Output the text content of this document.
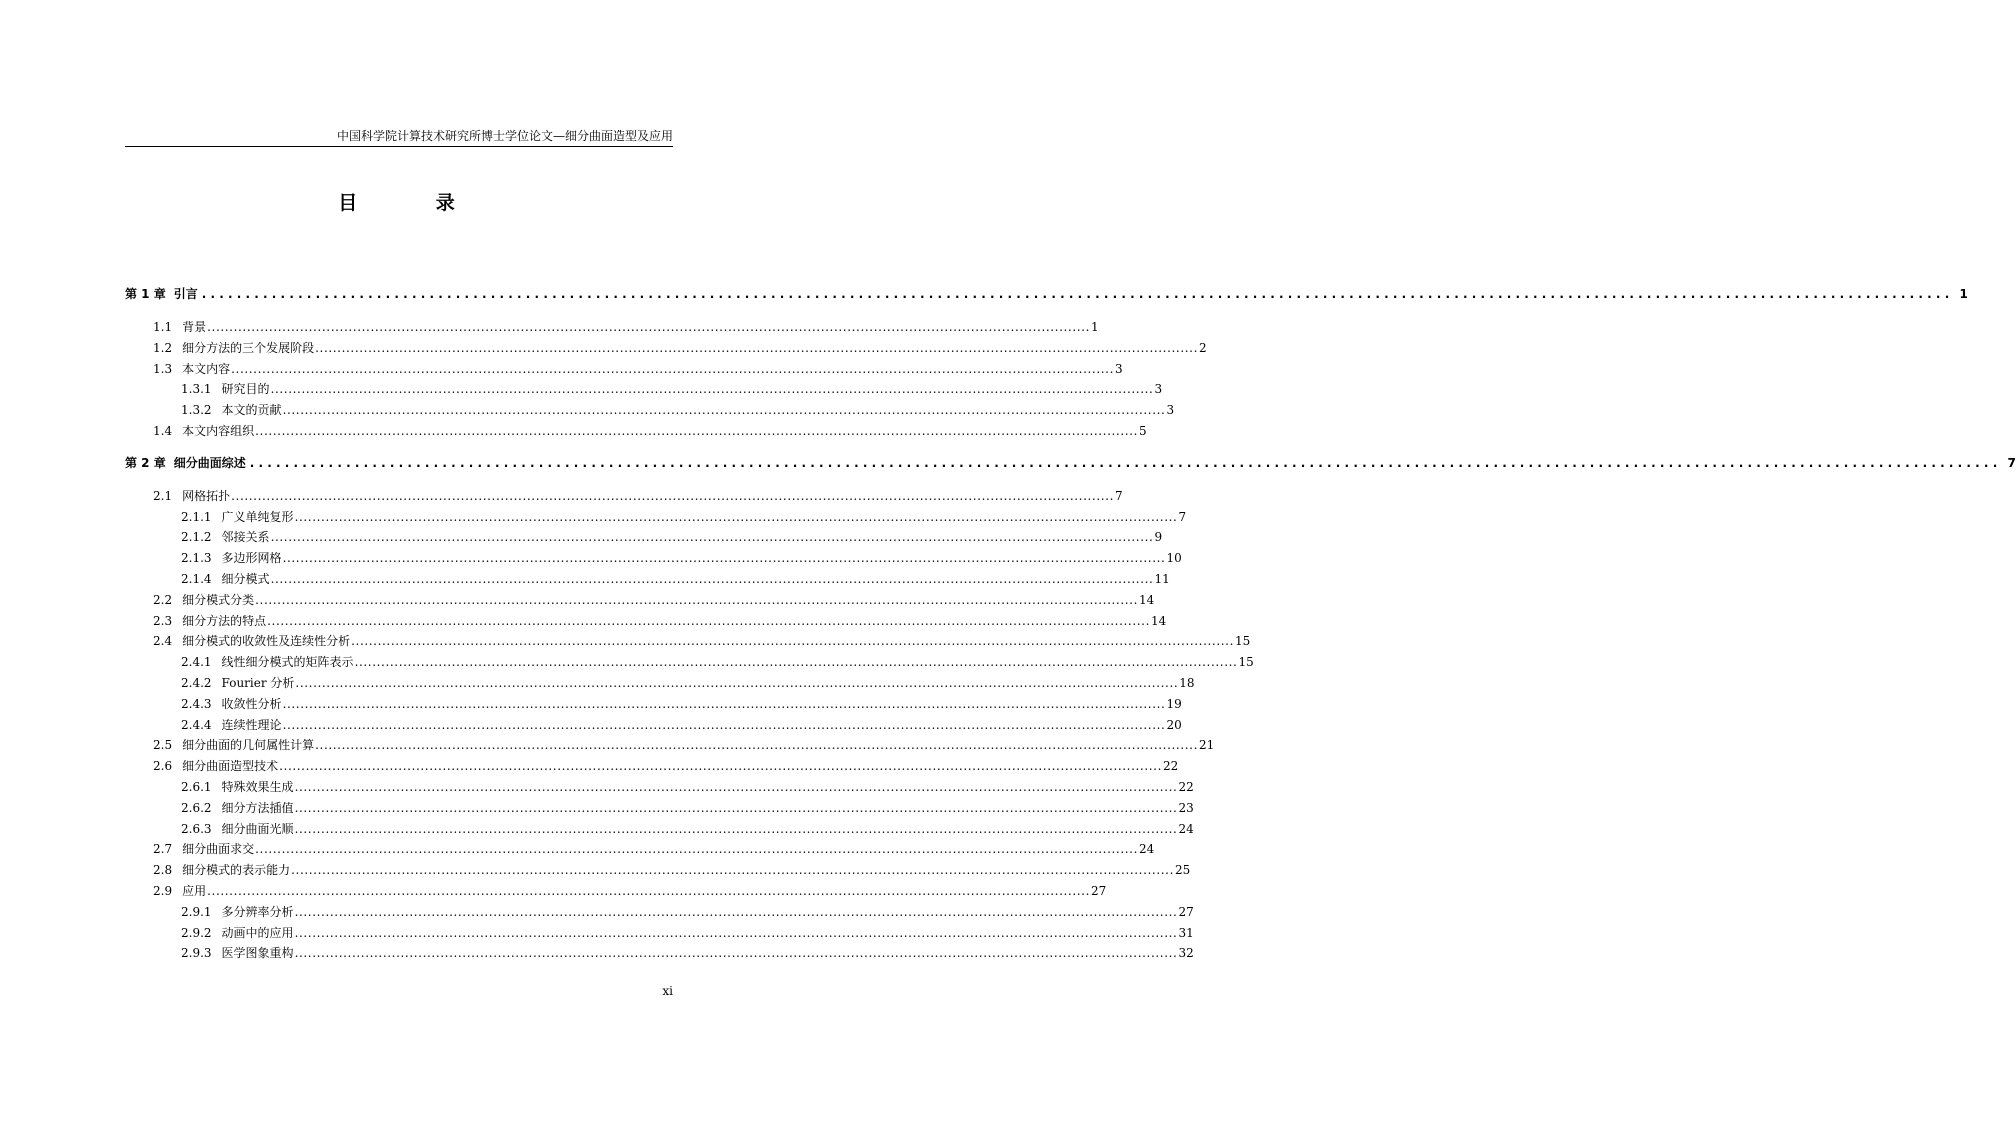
中国科学院计算技术研究所博士学位论文—细分曲面造型及应用
目 录
第 1 章 引言 ........................................................................................................................................................................................................ 1
1.1 背景 ........................................................................................................................................................................................................ 1
1.2 细分方法的三个发展阶段 ........................................................................................................................................................................................................ 2
1.3 本文内容 ........................................................................................................................................................................................................ 3
1.3.1 研究目的 ........................................................................................................................................................................................................ 3
1.3.2 本文的贡献 ........................................................................................................................................................................................................ 3
1.4 本文内容组织 ........................................................................................................................................................................................................ 5
第 2 章 细分曲面综述 ........................................................................................................................................................................................................ 7
2.1 网格拓扑 ........................................................................................................................................................................................................ 7
2.1.1 广义单纯复形 ........................................................................................................................................................................................................ 7
2.1.2 邻接关系 ........................................................................................................................................................................................................ 9
2.1.3 多边形网格 ........................................................................................................................................................................................................ 10
2.1.4 细分模式 ........................................................................................................................................................................................................ 11
2.2 细分模式分类 ........................................................................................................................................................................................................ 14
2.3 细分方法的特点 ........................................................................................................................................................................................................ 14
2.4 细分模式的收敛性及连续性分析 ........................................................................................................................................................................................................ 15
2.4.1 线性细分模式的矩阵表示 ........................................................................................................................................................................................................ 15
2.4.2 Fourier 分析 ........................................................................................................................................................................................................ 18
2.4.3 收敛性分析 ........................................................................................................................................................................................................ 19
2.4.4 连续性理论 ........................................................................................................................................................................................................ 20
2.5 细分曲面的几何属性计算 ........................................................................................................................................................................................................ 21
2.6 细分曲面造型技术 ........................................................................................................................................................................................................ 22
2.6.1 特殊效果生成 ........................................................................................................................................................................................................ 22
2.6.2 细分方法插值 ........................................................................................................................................................................................................ 23
2.6.3 细分曲面光顺 ........................................................................................................................................................................................................ 24
2.7 细分曲面求交 ........................................................................................................................................................................................................ 24
2.8 细分模式的表示能力 ........................................................................................................................................................................................................ 25
2.9 应用 ........................................................................................................................................................................................................ 27
2.9.1 多分辨率分析 ........................................................................................................................................................................................................ 27
2.9.2 动画中的应用 ........................................................................................................................................................................................................ 31
2.9.3 医学图象重构 ........................................................................................................................................................................................................ 32
xi
